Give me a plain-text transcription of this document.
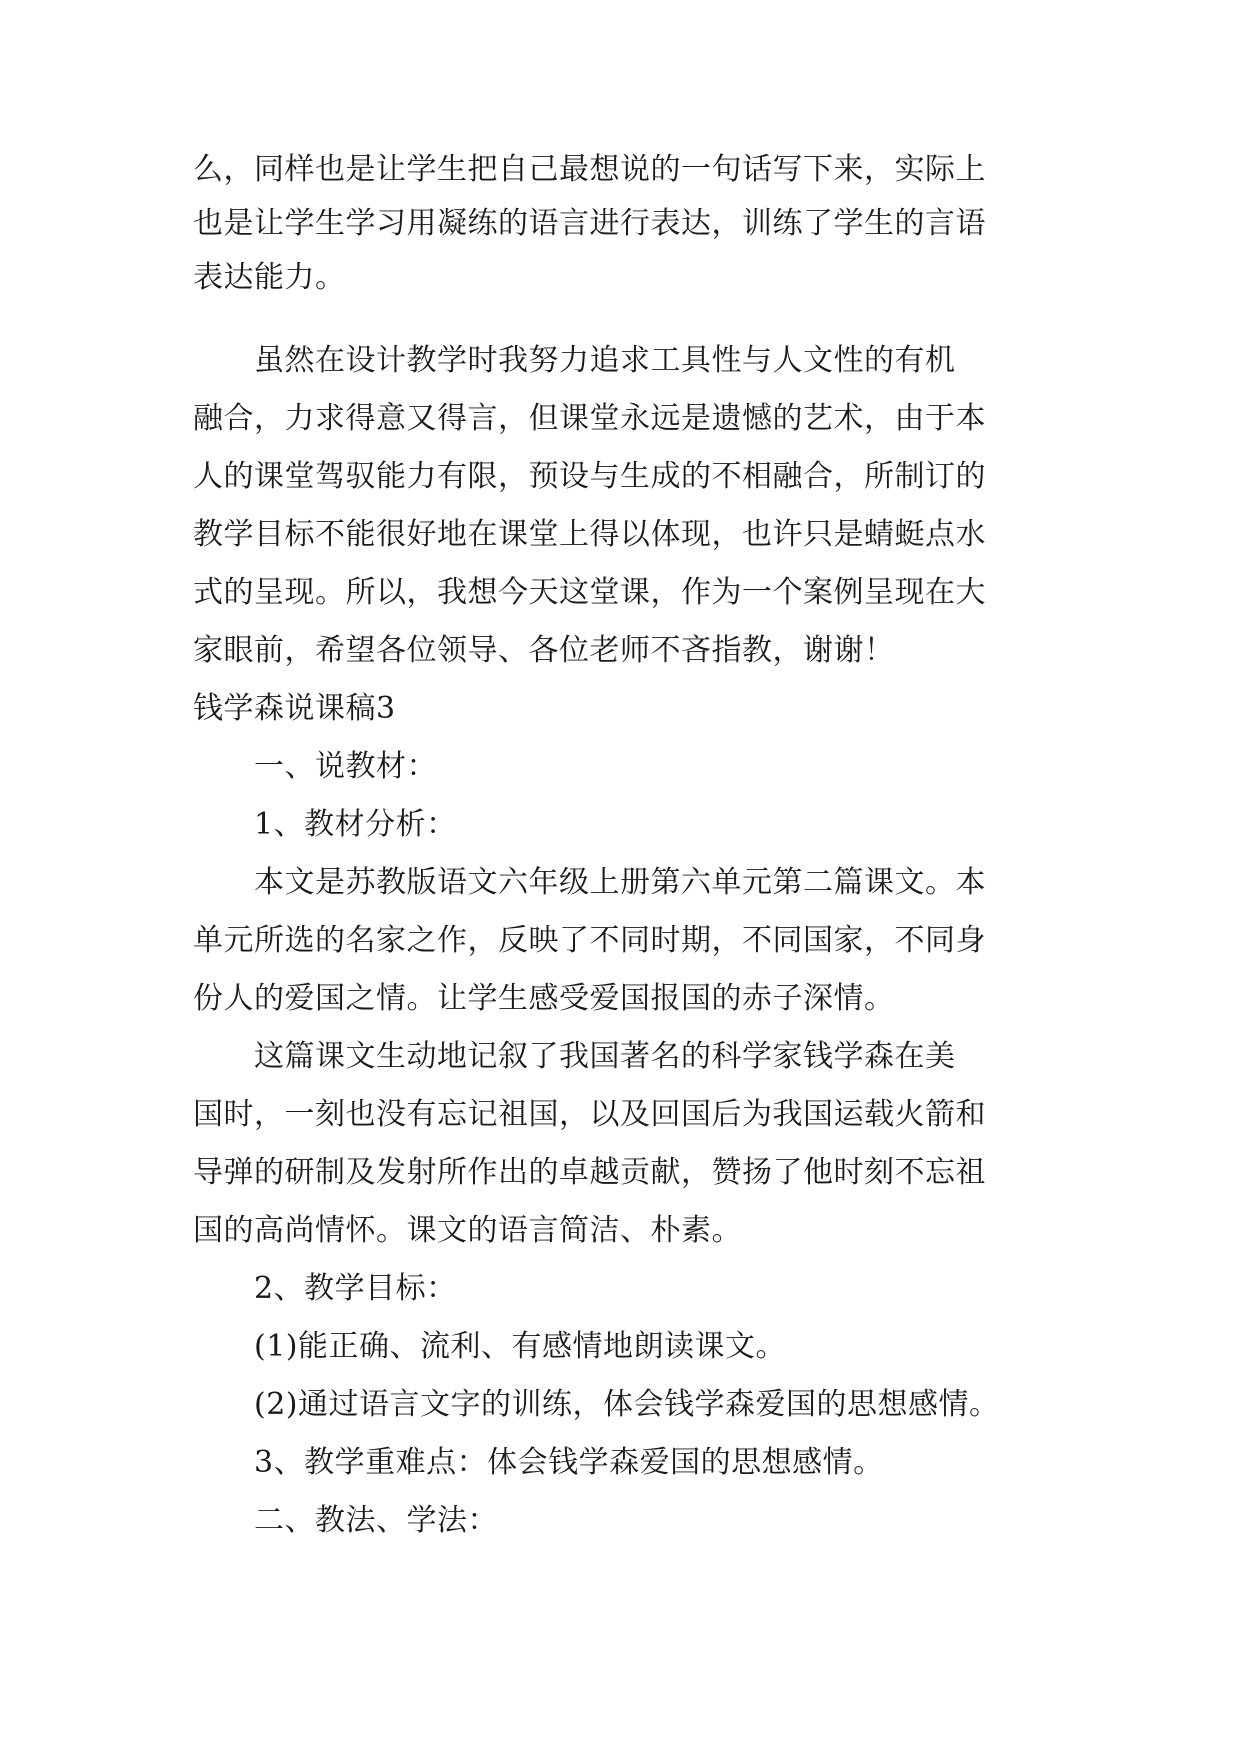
么，同样也是让学生把自己最想说的一句话写下来，实际上
也是让学生学习用凝练的语言进行表达，训练了学生的言语
表达能力。
虽然在设计教学时我努力追求工具性与人文性的有机
融合，力求得意又得言，但课堂永远是遗憾的艺术，由于本
人的课堂驾驭能力有限，预设与生成的不相融合，所制订的
教学目标不能很好地在课堂上得以体现，也许只是蜻蜓点水
式的呈现。所以，我想今天这堂课，作为一个案例呈现在大
家眼前，希望各位领导、各位老师不吝指教，谢谢！
钱学森说课稿3
一、说教材：
1、教材分析：
本文是苏教版语文六年级上册第六单元第二篇课文。本
单元所选的名家之作，反映了不同时期，不同国家，不同身
份人的爱国之情。让学生感受爱国报国的赤子深情。
这篇课文生动地记叙了我国著名的科学家钱学森在美
国时，一刻也没有忘记祖国，以及回国后为我国运载火箭和
导弹的研制及发射所作出的卓越贡献，赞扬了他时刻不忘祖
国的高尚情怀。课文的语言简洁、朴素。
2、教学目标：
(1)能正确、流利、有感情地朗读课文。
(2)通过语言文字的训练，体会钱学森爱国的思想感情。
3、教学重难点：体会钱学森爱国的思想感情。
二、教法、学法：
